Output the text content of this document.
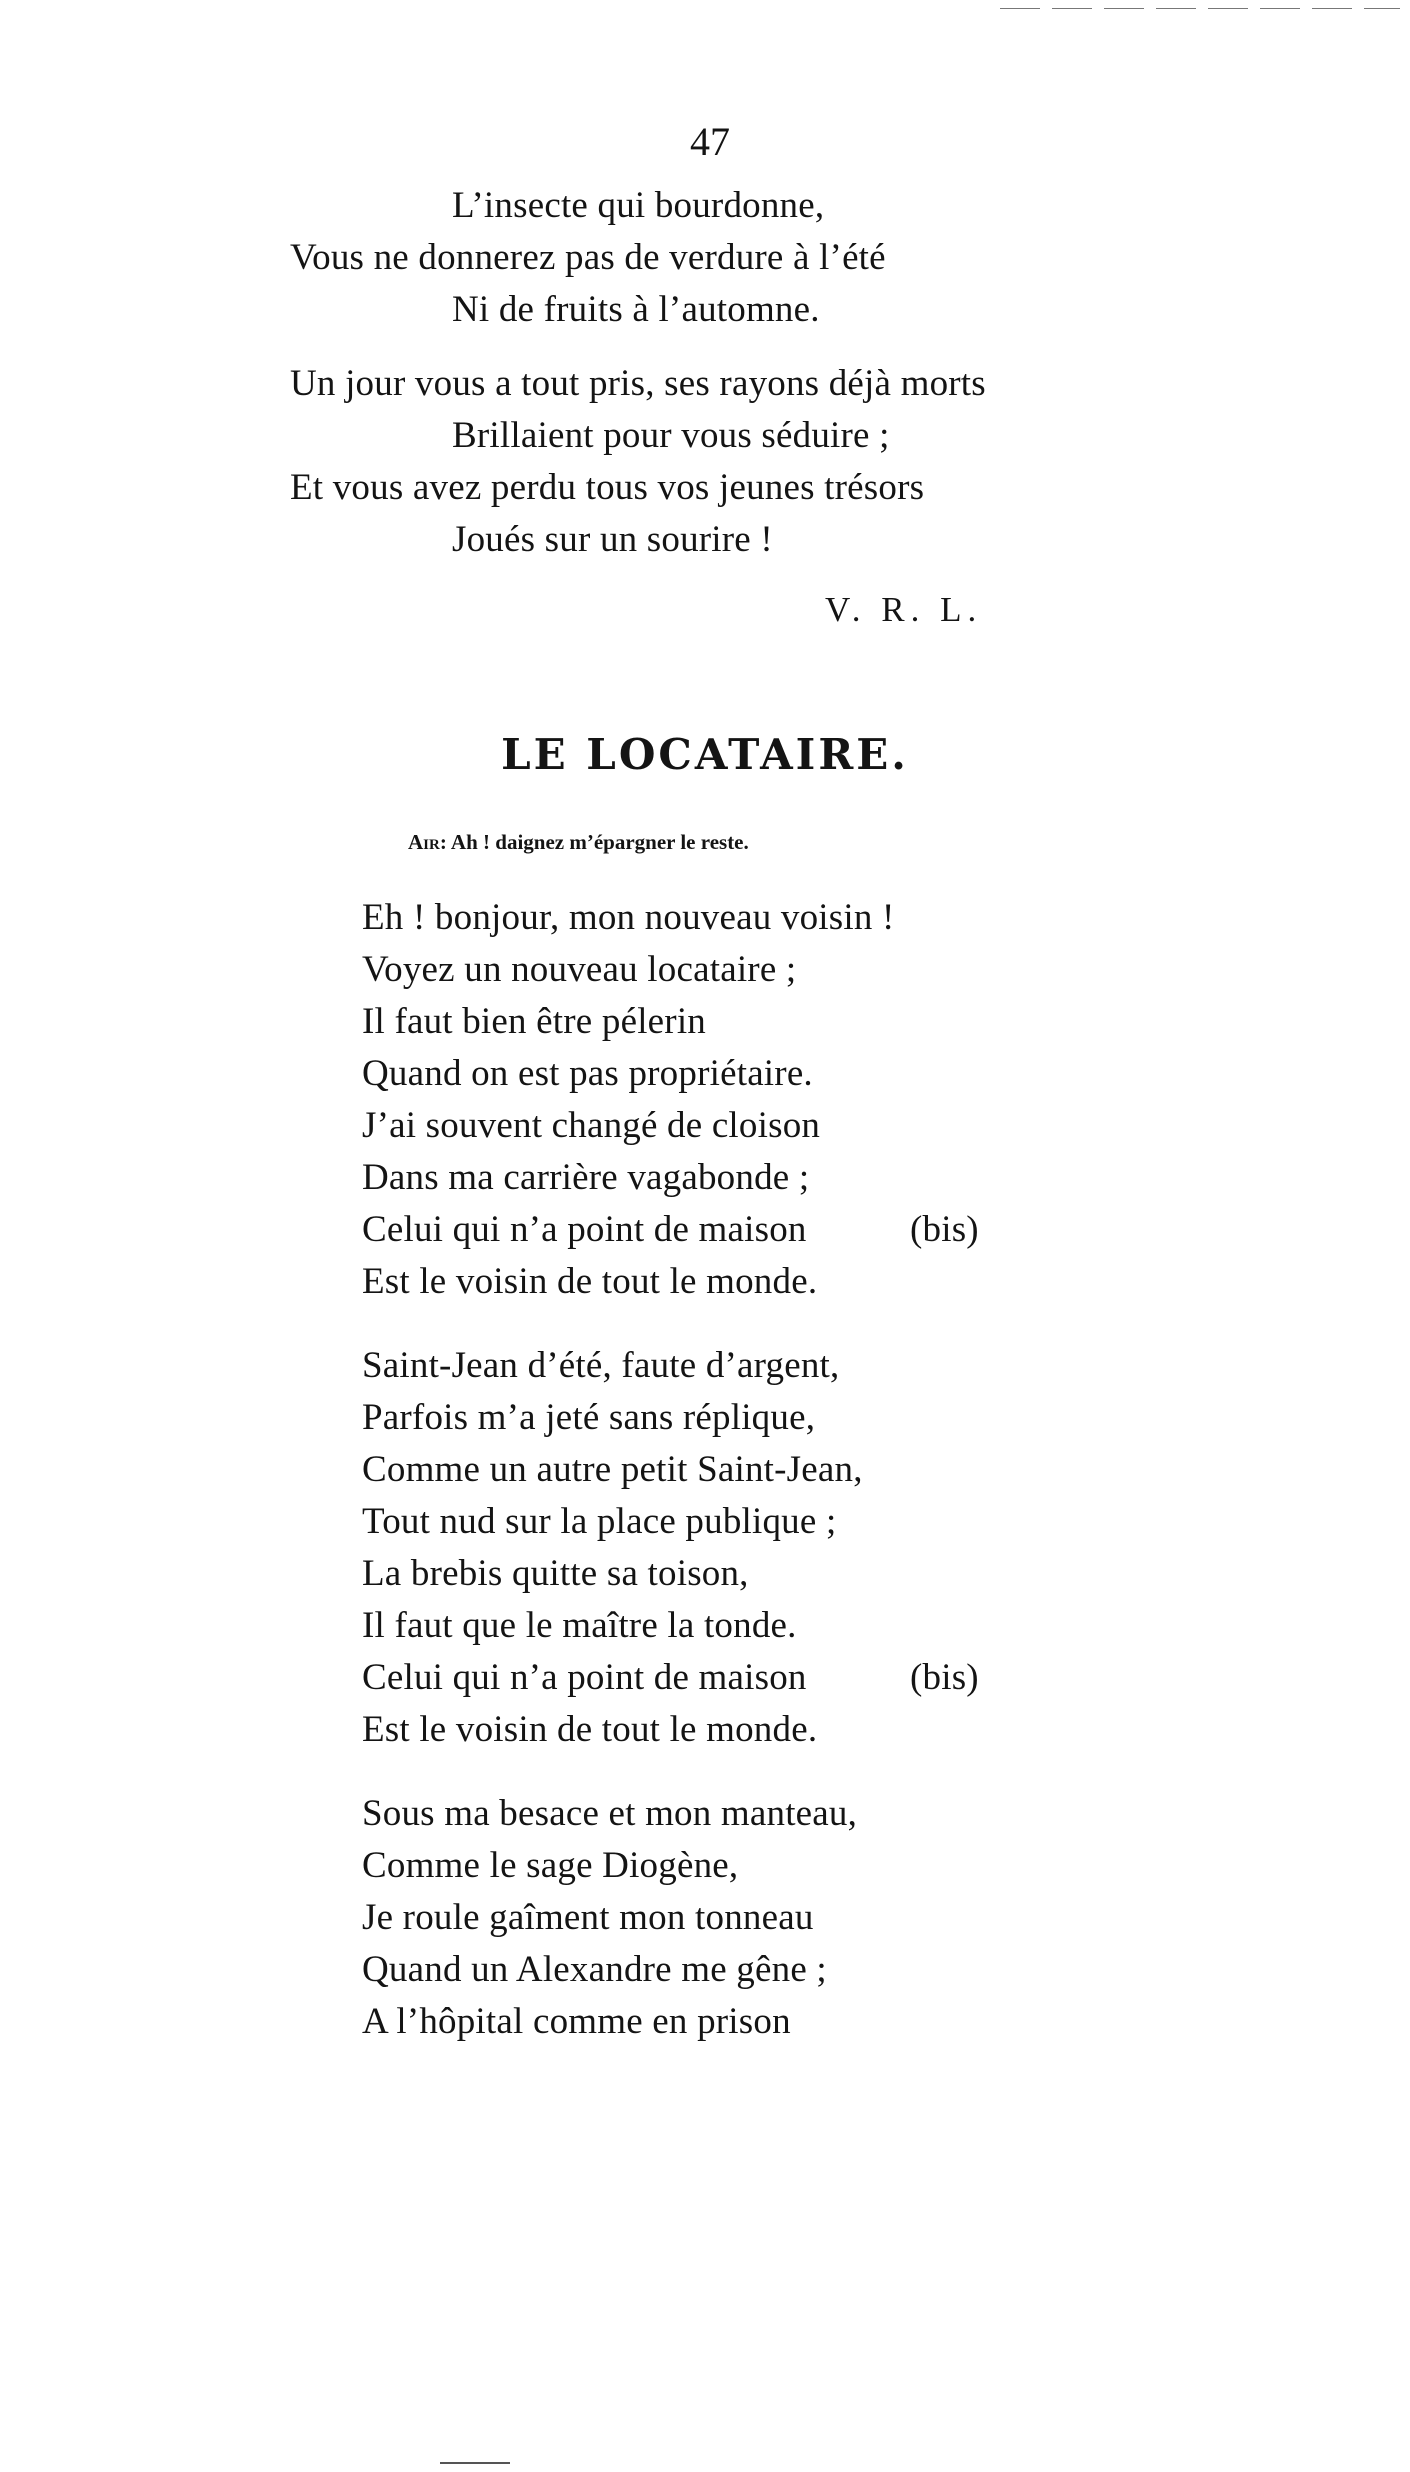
47
L’insecte qui bourdonne,
Vous ne donnerez pas de verdure à l’été
Ni de fruits à l’automne.
Un jour vous a tout pris, ses rayons déjà morts
Brillaient pour vous séduire ;
Et vous avez perdu tous vos jeunes trésors
Joués sur un sourire !
V. R. L.
LE LOCATAIRE.
Air: Ah ! daignez m’épargner le reste.
Eh ! bonjour, mon nouveau voisin !
Voyez un nouveau locataire ;
Il faut bien être pélerin
Quand on est pas propriétaire.
J’ai souvent changé de cloison
Dans ma carrière vagabonde ;
Celui qui n’a point de maison	(bis)
Est le voisin de tout le monde.
Saint-Jean d’été, faute d’argent,
Parfois m’a jeté sans réplique,
Comme un autre petit Saint-Jean,
Tout nud sur la place publique ;
La brebis quitte sa toison,
Il faut que le maître la tonde.
Celui qui n’a point de maison	(bis)
Est le voisin de tout le monde.
Sous ma besace et mon manteau,
Comme le sage Diogène,
Je roule gaîment mon tonneau
Quand un Alexandre me gêne ;
A l’hôpital comme en prison
